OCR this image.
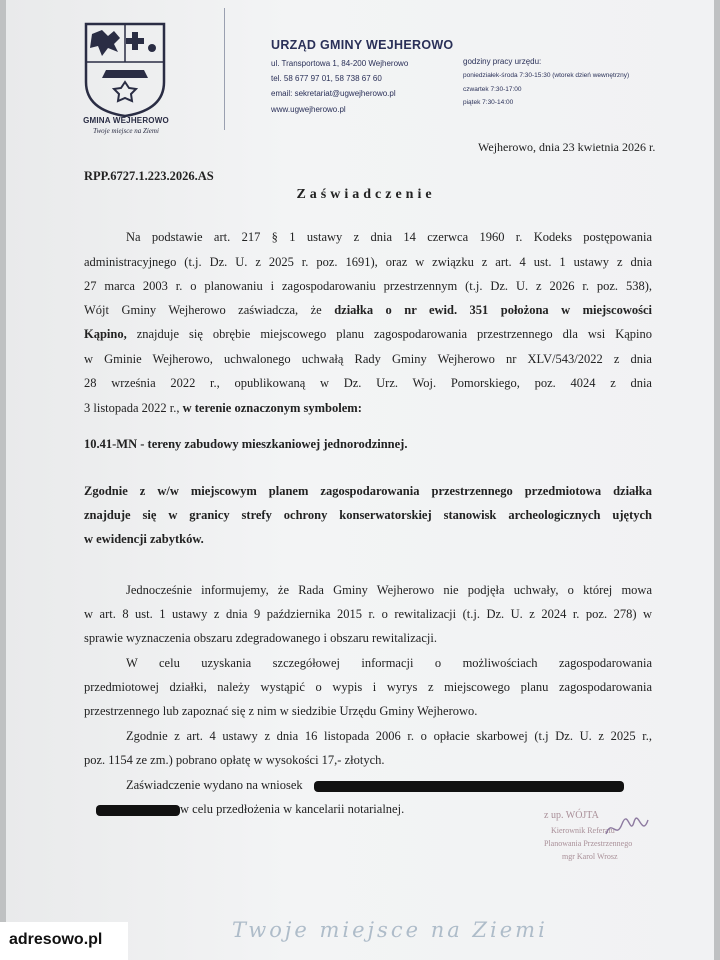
GMINA WEJHEROWO
Twoje miejsce na Ziemi
URZĄD GMINY WEJHEROWO
ul. Transportowa 1, 84-200 Wejherowo
tel. 58 677 97 01, 58 738 67 60
email: sekretariat@ugwejherowo.pl
www.ugwejherowo.pl
godziny pracy urzędu:
poniedziałek-środa 7:30-15:30 (wtorek dzień wewnętrzny)
czwartek 7:30-17:00
piątek 7:30-14:00
Wejherowo, dnia 23 kwietnia 2026 r.
RPP.6727.1.223.2026.AS
Zaświadczenie
Na podstawie art. 217 § 1 ustawy z dnia 14 czerwca 1960 r. Kodeks postępowania
administracyjnego (t.j. Dz. U. z 2025 r. poz. 1691), oraz w związku z art. 4 ust. 1 ustawy z dnia
27 marca 2003 r. o planowaniu i zagospodarowaniu przestrzennym (t.j. Dz. U. z 2026 r. poz. 538),
Wójt Gminy Wejherowo zaświadcza, że działka o nr ewid. 351 położona w miejscowości
Kąpino, znajduje się obrębie miejscowego planu zagospodarowania przestrzennego dla wsi Kąpino
w Gminie Wejherowo, uchwalonego uchwałą Rady Gminy Wejherowo nr XLV/543/2022 z dnia
28 września 2022 r., opublikowaną w Dz. Urz. Woj. Pomorskiego, poz. 4024 z dnia
3 listopada 2022 r., w terenie oznaczonym symbolem:
10.41-MN - tereny zabudowy mieszkaniowej jednorodzinnej.
Zgodnie z w/w miejscowym planem zagospodarowania przestrzennego przedmiotowa działka
znajduje się w granicy strefy ochrony konserwatorskiej stanowisk archeologicznych ujętych
w ewidencji zabytków.
Jednocześnie informujemy, że Rada Gminy Wejherowo nie podjęła uchwały, o której mowa
w art. 8 ust. 1 ustawy z dnia 9 października 2015 r. o rewitalizacji (t.j. Dz. U. z 2024 r. poz. 278) w
sprawie wyznaczenia obszaru zdegradowanego i obszaru rewitalizacji.
W celu uzyskania szczegółowej informacji o możliwościach zagospodarowania
przedmiotowej działki, należy wystąpić o wypis i wyrys z miejscowego planu zagospodarowania
przestrzennego lub zapoznać się z nim w siedzibie Urzędu Gminy Wejherowo.
Zgodnie z art. 4 ustawy z dnia 16 listopada 2006 r. o opłacie skarbowej (t.j Dz. U. z 2025 r.,
poz. 1154 ze zm.) pobrano opłatę w wysokości 17,- złotych.
Zaświadczenie wydano na wniosek
w celu przedłożenia w kancelarii notarialnej.	z up. WÓJTA
Kierownik Referatu
Planowania Przestrzennego
mgr Karol Wrosz
Twoje miejsce na Ziemi
adresowo.pl
